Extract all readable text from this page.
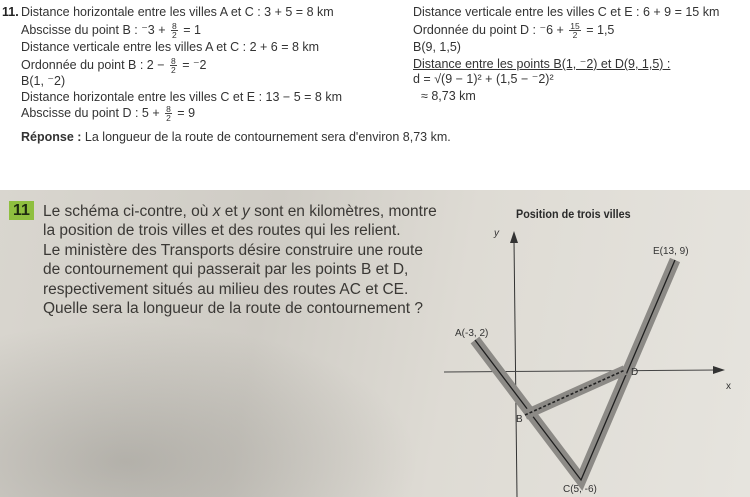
11. Distance horizontale entre les villes A et C : 3 + 5 = 8 km
Abscisse du point B : $^-3 + \frac{8}{2} = 1$
Distance verticale entre les villes A et C : 2 + 6 = 8 km
Ordonnée du point B : $2 - \frac{8}{2} = ^-2$
B(1, ⁻2)
Distance horizontale entre les villes C et E : 13 − 5 = 8 km
Abscisse du point D : $5 + \frac{8}{2} = 9$
Distance verticale entre les villes C et E : 6 + 9 = 15 km
Ordonnée du point D : $^-6 + \frac{15}{2} = 1,5$
B(9, 1,5)
Distance entre les points B(1, ⁻2) et D(9, 1,5) :
d = √(9 − 1)² + (1,5 − ⁻2)²
≈ 8,73 km
Réponse : La longueur de la route de contournement sera d'environ 8,73 km.
11 Le schéma ci-contre, où x et y sont en kilomètres, montre
la position de trois villes et des routes qui les relient.
Le ministère des Transports désire construire une route
de contournement qui passerait par les points B et D,
respectivement situés au milieu des routes AC et CE.
Quelle sera la longueur de la route de contournement ?
Position de trois villes
y
x
A(-3, 2)
B
C(5, -6)
D
E(13, 9)
